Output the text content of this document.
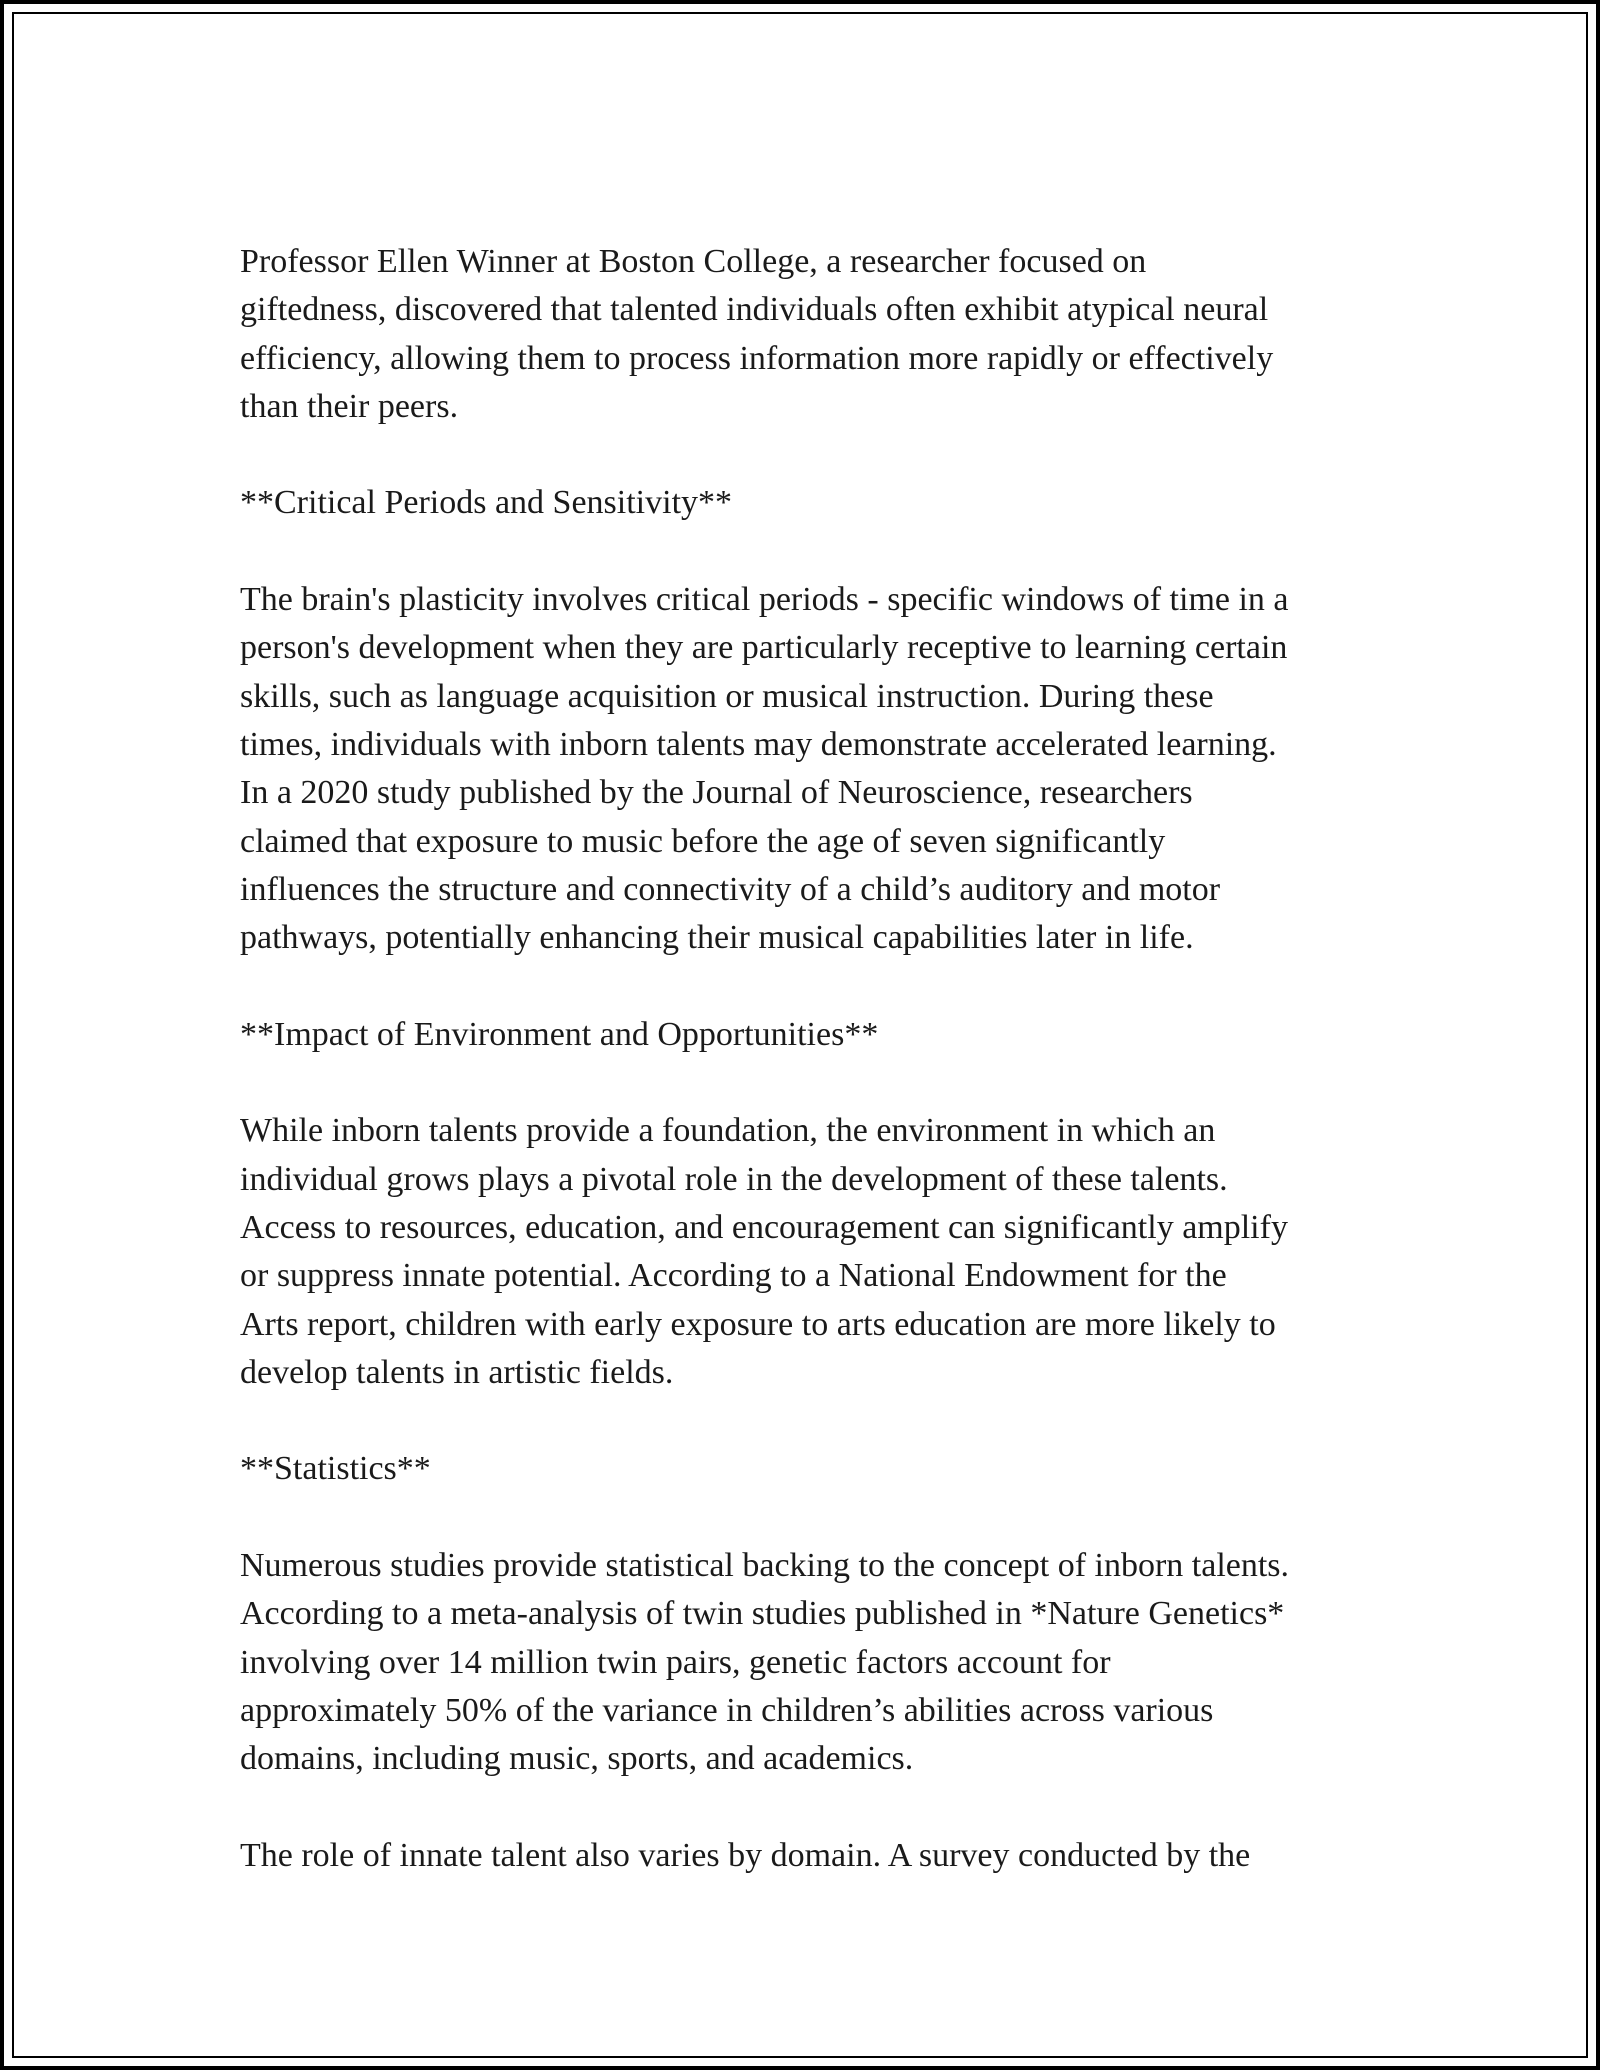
Professor Ellen Winner at Boston College, a researcher focused on
giftedness, discovered that talented individuals often exhibit atypical neural
efficiency, allowing them to process information more rapidly or effectively
than their peers.

**Critical Periods and Sensitivity**

The brain's plasticity involves critical periods - specific windows of time in a
person's development when they are particularly receptive to learning certain
skills, such as language acquisition or musical instruction. During these
times, individuals with inborn talents may demonstrate accelerated learning.
In a 2020 study published by the Journal of Neuroscience, researchers
claimed that exposure to music before the age of seven significantly
influences the structure and connectivity of a child’s auditory and motor
pathways, potentially enhancing their musical capabilities later in life.

**Impact of Environment and Opportunities**

While inborn talents provide a foundation, the environment in which an
individual grows plays a pivotal role in the development of these talents.
Access to resources, education, and encouragement can significantly amplify
or suppress innate potential. According to a National Endowment for the
Arts report, children with early exposure to arts education are more likely to
develop talents in artistic fields.

**Statistics**

Numerous studies provide statistical backing to the concept of inborn talents.
According to a meta-analysis of twin studies published in *Nature Genetics*
involving over 14 million twin pairs, genetic factors account for
approximately 50% of the variance in children’s abilities across various
domains, including music, sports, and academics.

The role of innate talent also varies by domain. A survey conducted by the
